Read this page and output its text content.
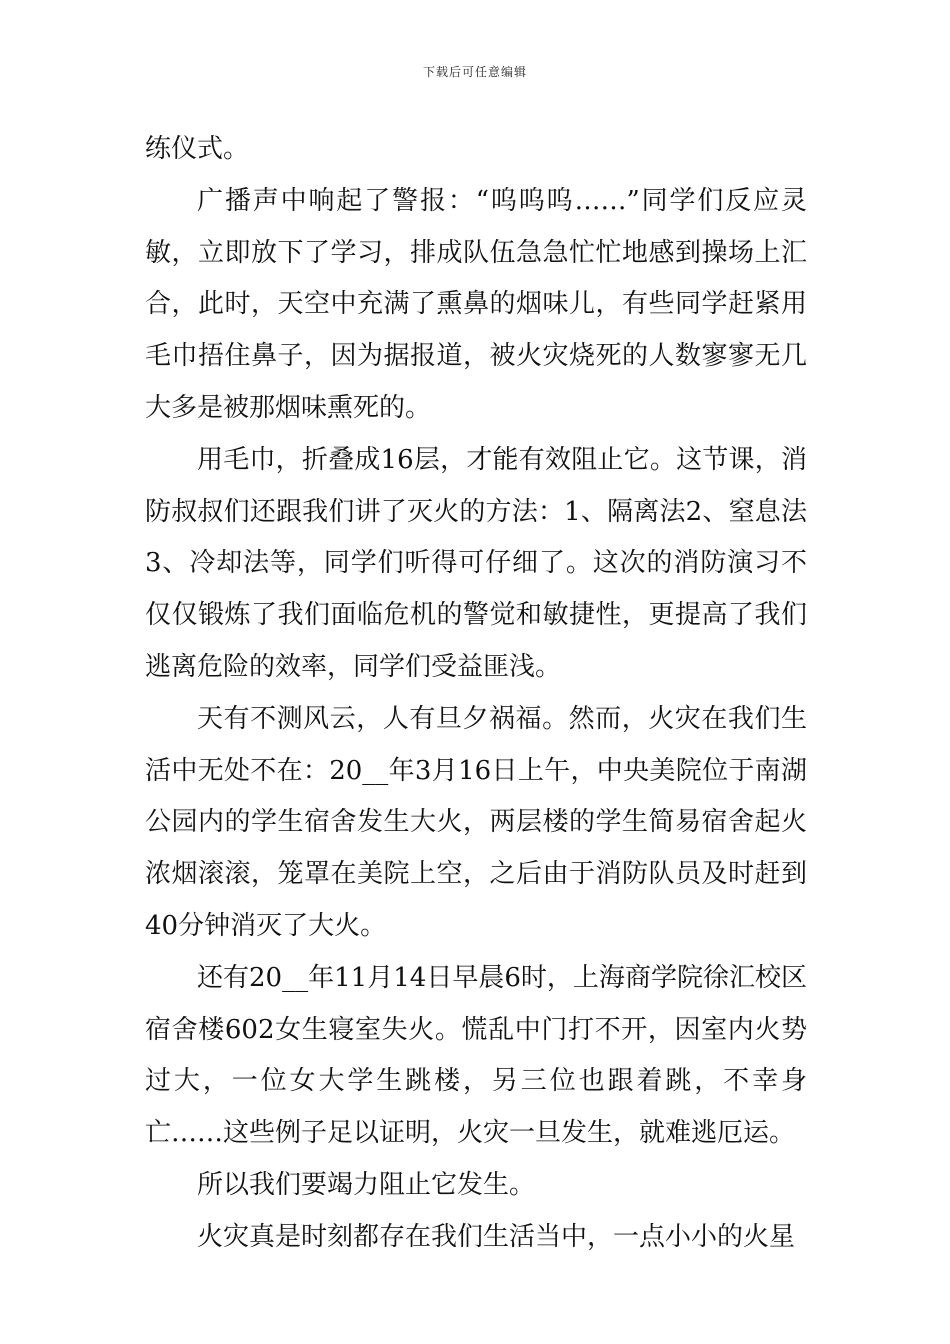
下载后可任意编辑

练仪式。

广播声中响起了警报：“呜呜呜……”同学们反应灵敏，立即放下了学习，排成队伍急急忙忙地感到操场上汇合，此时，天空中充满了熏鼻的烟味儿，有些同学赶紧用毛巾捂住鼻子，因为据报道，被火灾烧死的人数寥寥无几大多是被那烟味熏死的。

用毛巾，折叠成16层，才能有效阻止它。这节课，消防叔叔们还跟我们讲了灭火的方法：1、隔离法2、窒息法3、冷却法等，同学们听得可仔细了。这次的消防演习不仅仅锻炼了我们面临危机的警觉和敏捷性，更提高了我们逃离危险的效率，同学们受益匪浅。

天有不测风云，人有旦夕祸福。然而，火灾在我们生活中无处不在：20__年3月16日上午，中央美院位于南湖公园内的学生宿舍发生大火，两层楼的学生简易宿舍起火浓烟滚滚，笼罩在美院上空，之后由于消防队员及时赶到40分钟消灭了大火。

还有20__年11月14日早晨6时，上海商学院徐汇校区宿舍楼602女生寝室失火。慌乱中门打不开，因室内火势过大，一位女大学生跳楼，另三位也跟着跳，不幸身亡……这些例子足以证明，火灾一旦发生，就难逃厄运。

所以我们要竭力阻止它发生。

火灾真是时刻都存在我们生活当中，一点小小的火星
